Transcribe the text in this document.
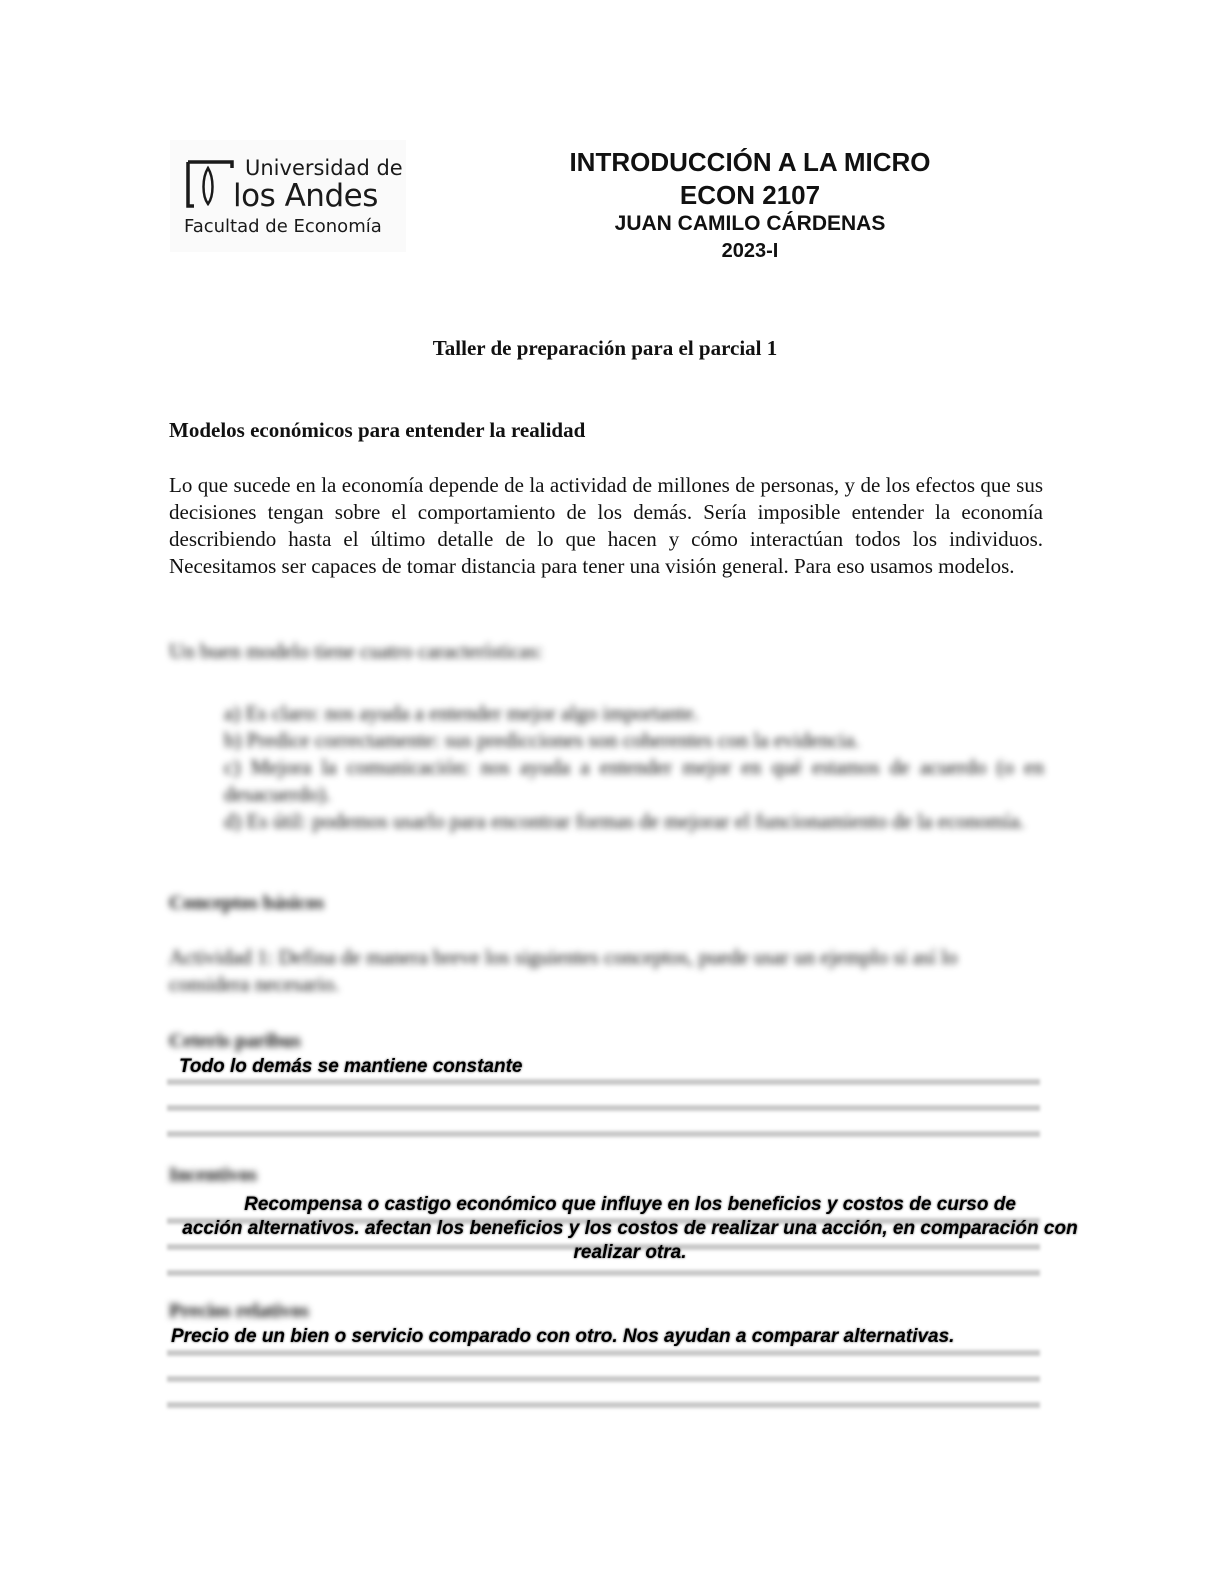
Universidad de
los Andes
Facultad de Economía
INTRODUCCIÓN A LA MICRO
ECON 2107
JUAN CAMILO CÁRDENAS
2023-I
Taller de preparación para el parcial 1
Modelos económicos para entender la realidad

Lo que sucede en la economía depende de la actividad de millones de personas, y de los efectos que sus decisiones tengan sobre el comportamiento de los demás. Sería imposible entender la economía describiendo hasta el último detalle de lo que hacen y cómo interactúan todos los individuos. Necesitamos ser capaces de tomar distancia para tener una visión general. Para eso usamos modelos.

Un buen modelo tiene cuatro características:
a) Es claro: nos ayuda a entender mejor algo importante.
b) Predice correctamente: sus predicciones son coherentes con la evidencia.
c) Mejora la comunicación: nos ayuda a entender mejor en qué estamos de acuerdo (o en desacuerdo).
d) Es útil: podemos usarlo para encontrar formas de mejorar el funcionamiento de la economía.
Conceptos básicos
Actividad 1: Defina de manera breve los siguientes conceptos, puede usar un ejemplo si así lo considera necesario.
Ceteris paribus
Todo lo demás se mantiene constante
Incentivos
Recompensa o castigo económico que influye en los beneficios y costos de curso de
acción alternativos. afectan los beneficios y los costos de realizar una acción, en comparación con
realizar otra.
Precios relativos
Precio de un bien o servicio comparado con otro. Nos ayudan a comparar alternativas.
